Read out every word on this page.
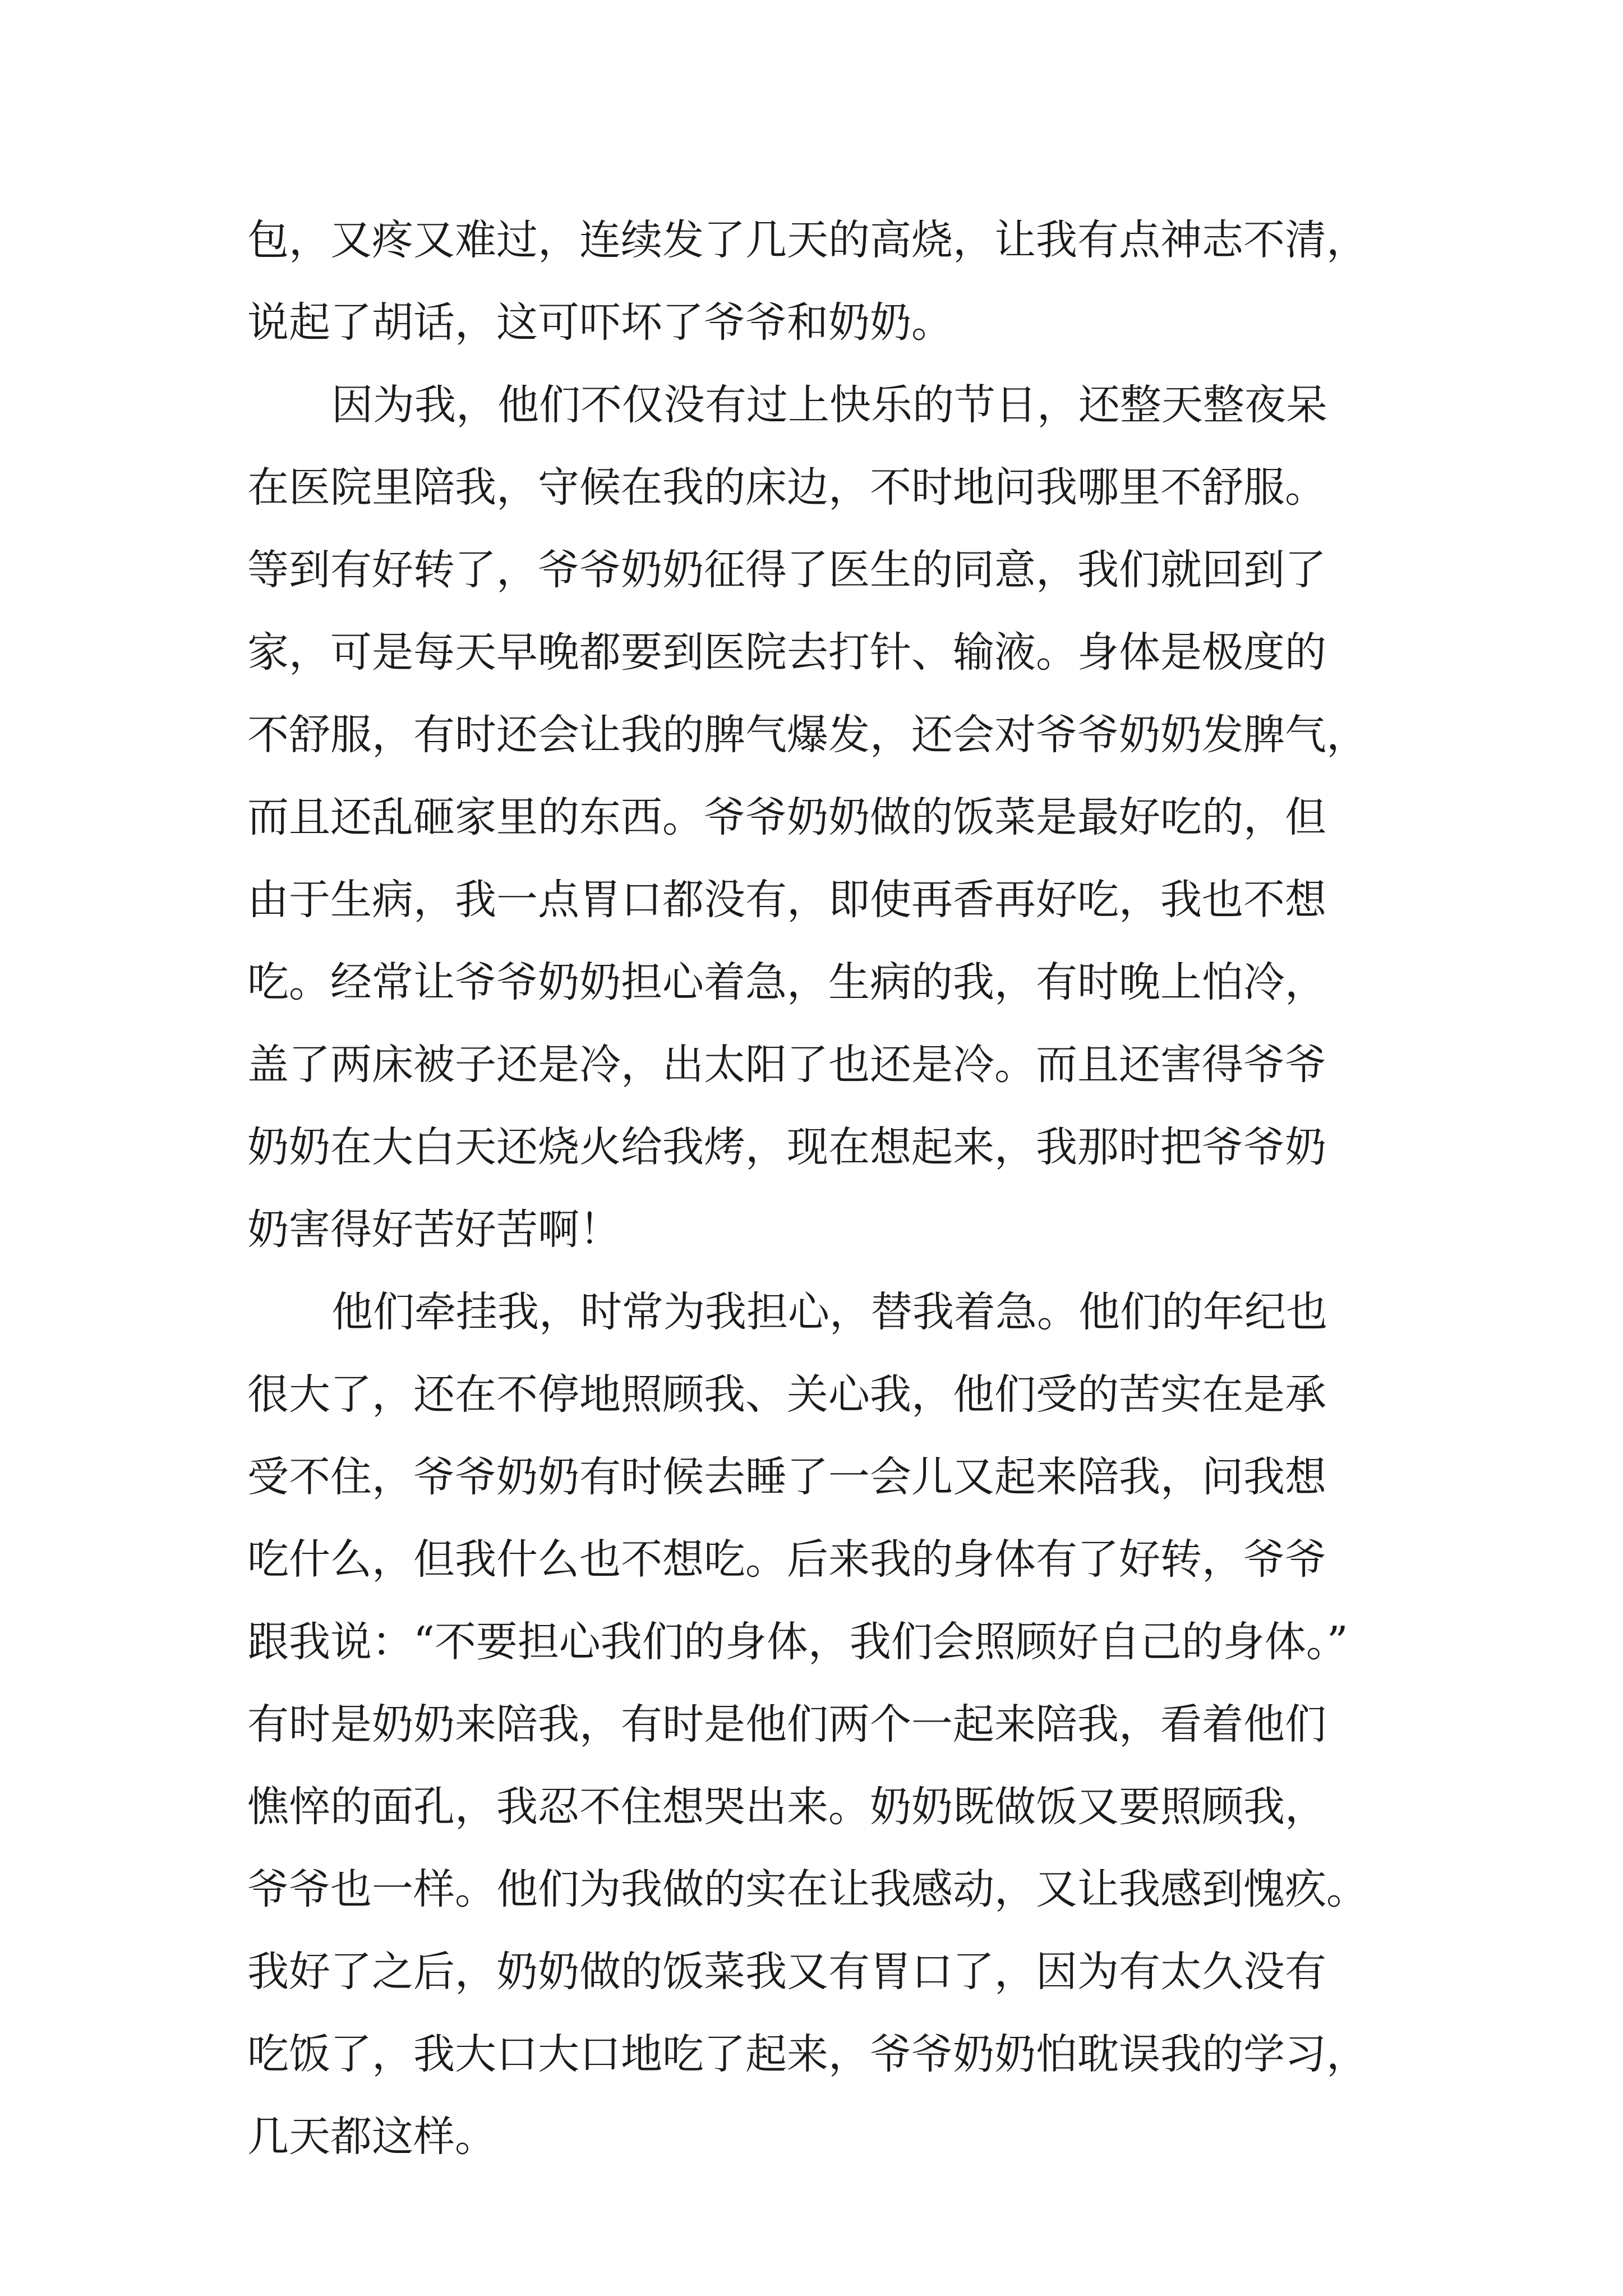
包，又疼又难过，连续发了几天的高烧，让我有点神志不清，
说起了胡话，这可吓坏了爷爷和奶奶。
因为我，他们不仅没有过上快乐的节日，还整天整夜呆
在医院里陪我，守候在我的床边，不时地问我哪里不舒服。
等到有好转了，爷爷奶奶征得了医生的同意，我们就回到了
家，可是每天早晚都要到医院去打针、输液。身体是极度的
不舒服，有时还会让我的脾气爆发，还会对爷爷奶奶发脾气，
而且还乱砸家里的东西。爷爷奶奶做的饭菜是最好吃的，但
由于生病，我一点胃口都没有，即使再香再好吃，我也不想
吃。经常让爷爷奶奶担心着急，生病的我，有时晚上怕冷，
盖了两床被子还是冷，出太阳了也还是冷。而且还害得爷爷
奶奶在大白天还烧火给我烤，现在想起来，我那时把爷爷奶
奶害得好苦好苦啊！
他们牵挂我，时常为我担心，替我着急。他们的年纪也
很大了，还在不停地照顾我、关心我，他们受的苦实在是承
受不住，爷爷奶奶有时候去睡了一会儿又起来陪我，问我想
吃什么，但我什么也不想吃。后来我的身体有了好转，爷爷
跟我说：“不要担心我们的身体，我们会照顾好自己的身体。”
有时是奶奶来陪我，有时是他们两个一起来陪我，看着他们
憔悴的面孔，我忍不住想哭出来。奶奶既做饭又要照顾我，
爷爷也一样。他们为我做的实在让我感动，又让我感到愧疚。
我好了之后，奶奶做的饭菜我又有胃口了，因为有太久没有
吃饭了，我大口大口地吃了起来，爷爷奶奶怕耽误我的学习，
几天都这样。
